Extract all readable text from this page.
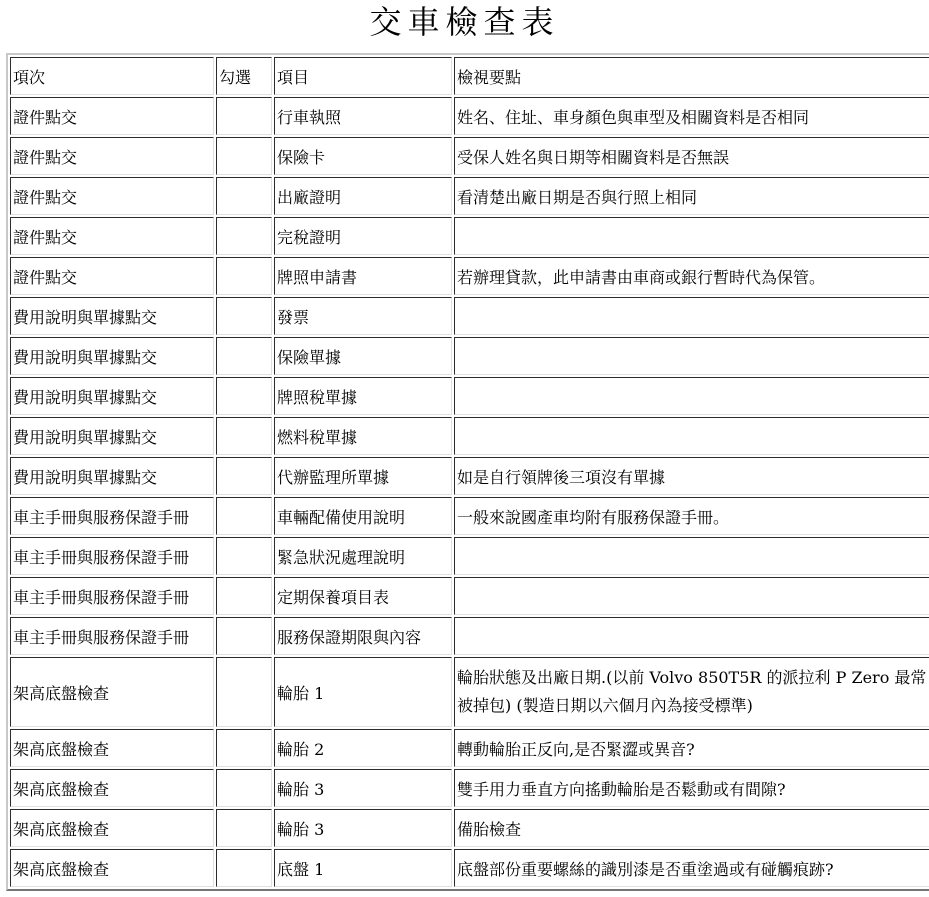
交車檢查表
項次	勾選	項目	檢視要點
證件點交		行車執照	姓名、住址、車身顏色與車型及相關資料是否相同
證件點交		保險卡	受保人姓名與日期等相關資料是否無誤
證件點交		出廠證明	看清楚出廠日期是否與行照上相同
證件點交		完稅證明	
證件點交		牌照申請書	若辦理貸款，此申請書由車商或銀行暫時代為保管。
費用說明與單據點交		發票	
費用說明與單據點交		保險單據	
費用說明與單據點交		牌照稅單據	
費用說明與單據點交		燃料稅單據	
費用說明與單據點交		代辦監理所單據	如是自行領牌後三項沒有單據
車主手冊與服務保證手冊		車輛配備使用說明	一般來說國產車均附有服務保證手冊。
車主手冊與服務保證手冊		緊急狀況處理說明	
車主手冊與服務保證手冊		定期保養項目表	
車主手冊與服務保證手冊		服務保證期限與內容	
架高底盤檢查		輪胎 1	輪胎狀態及出廠日期.(以前 Volvo 850T5R 的派拉利 P Zero 最常被掉包) (製造日期以六個月內為接受標準)
架高底盤檢查		輪胎 2	轉動輪胎正反向,是否緊澀或異音?
架高底盤檢查		輪胎 3	雙手用力垂直方向搖動輪胎是否鬆動或有間隙?
架高底盤檢查		輪胎 3	備胎檢查
架高底盤檢查		底盤 1	底盤部份重要螺絲的識別漆是否重塗過或有碰觸痕跡?
